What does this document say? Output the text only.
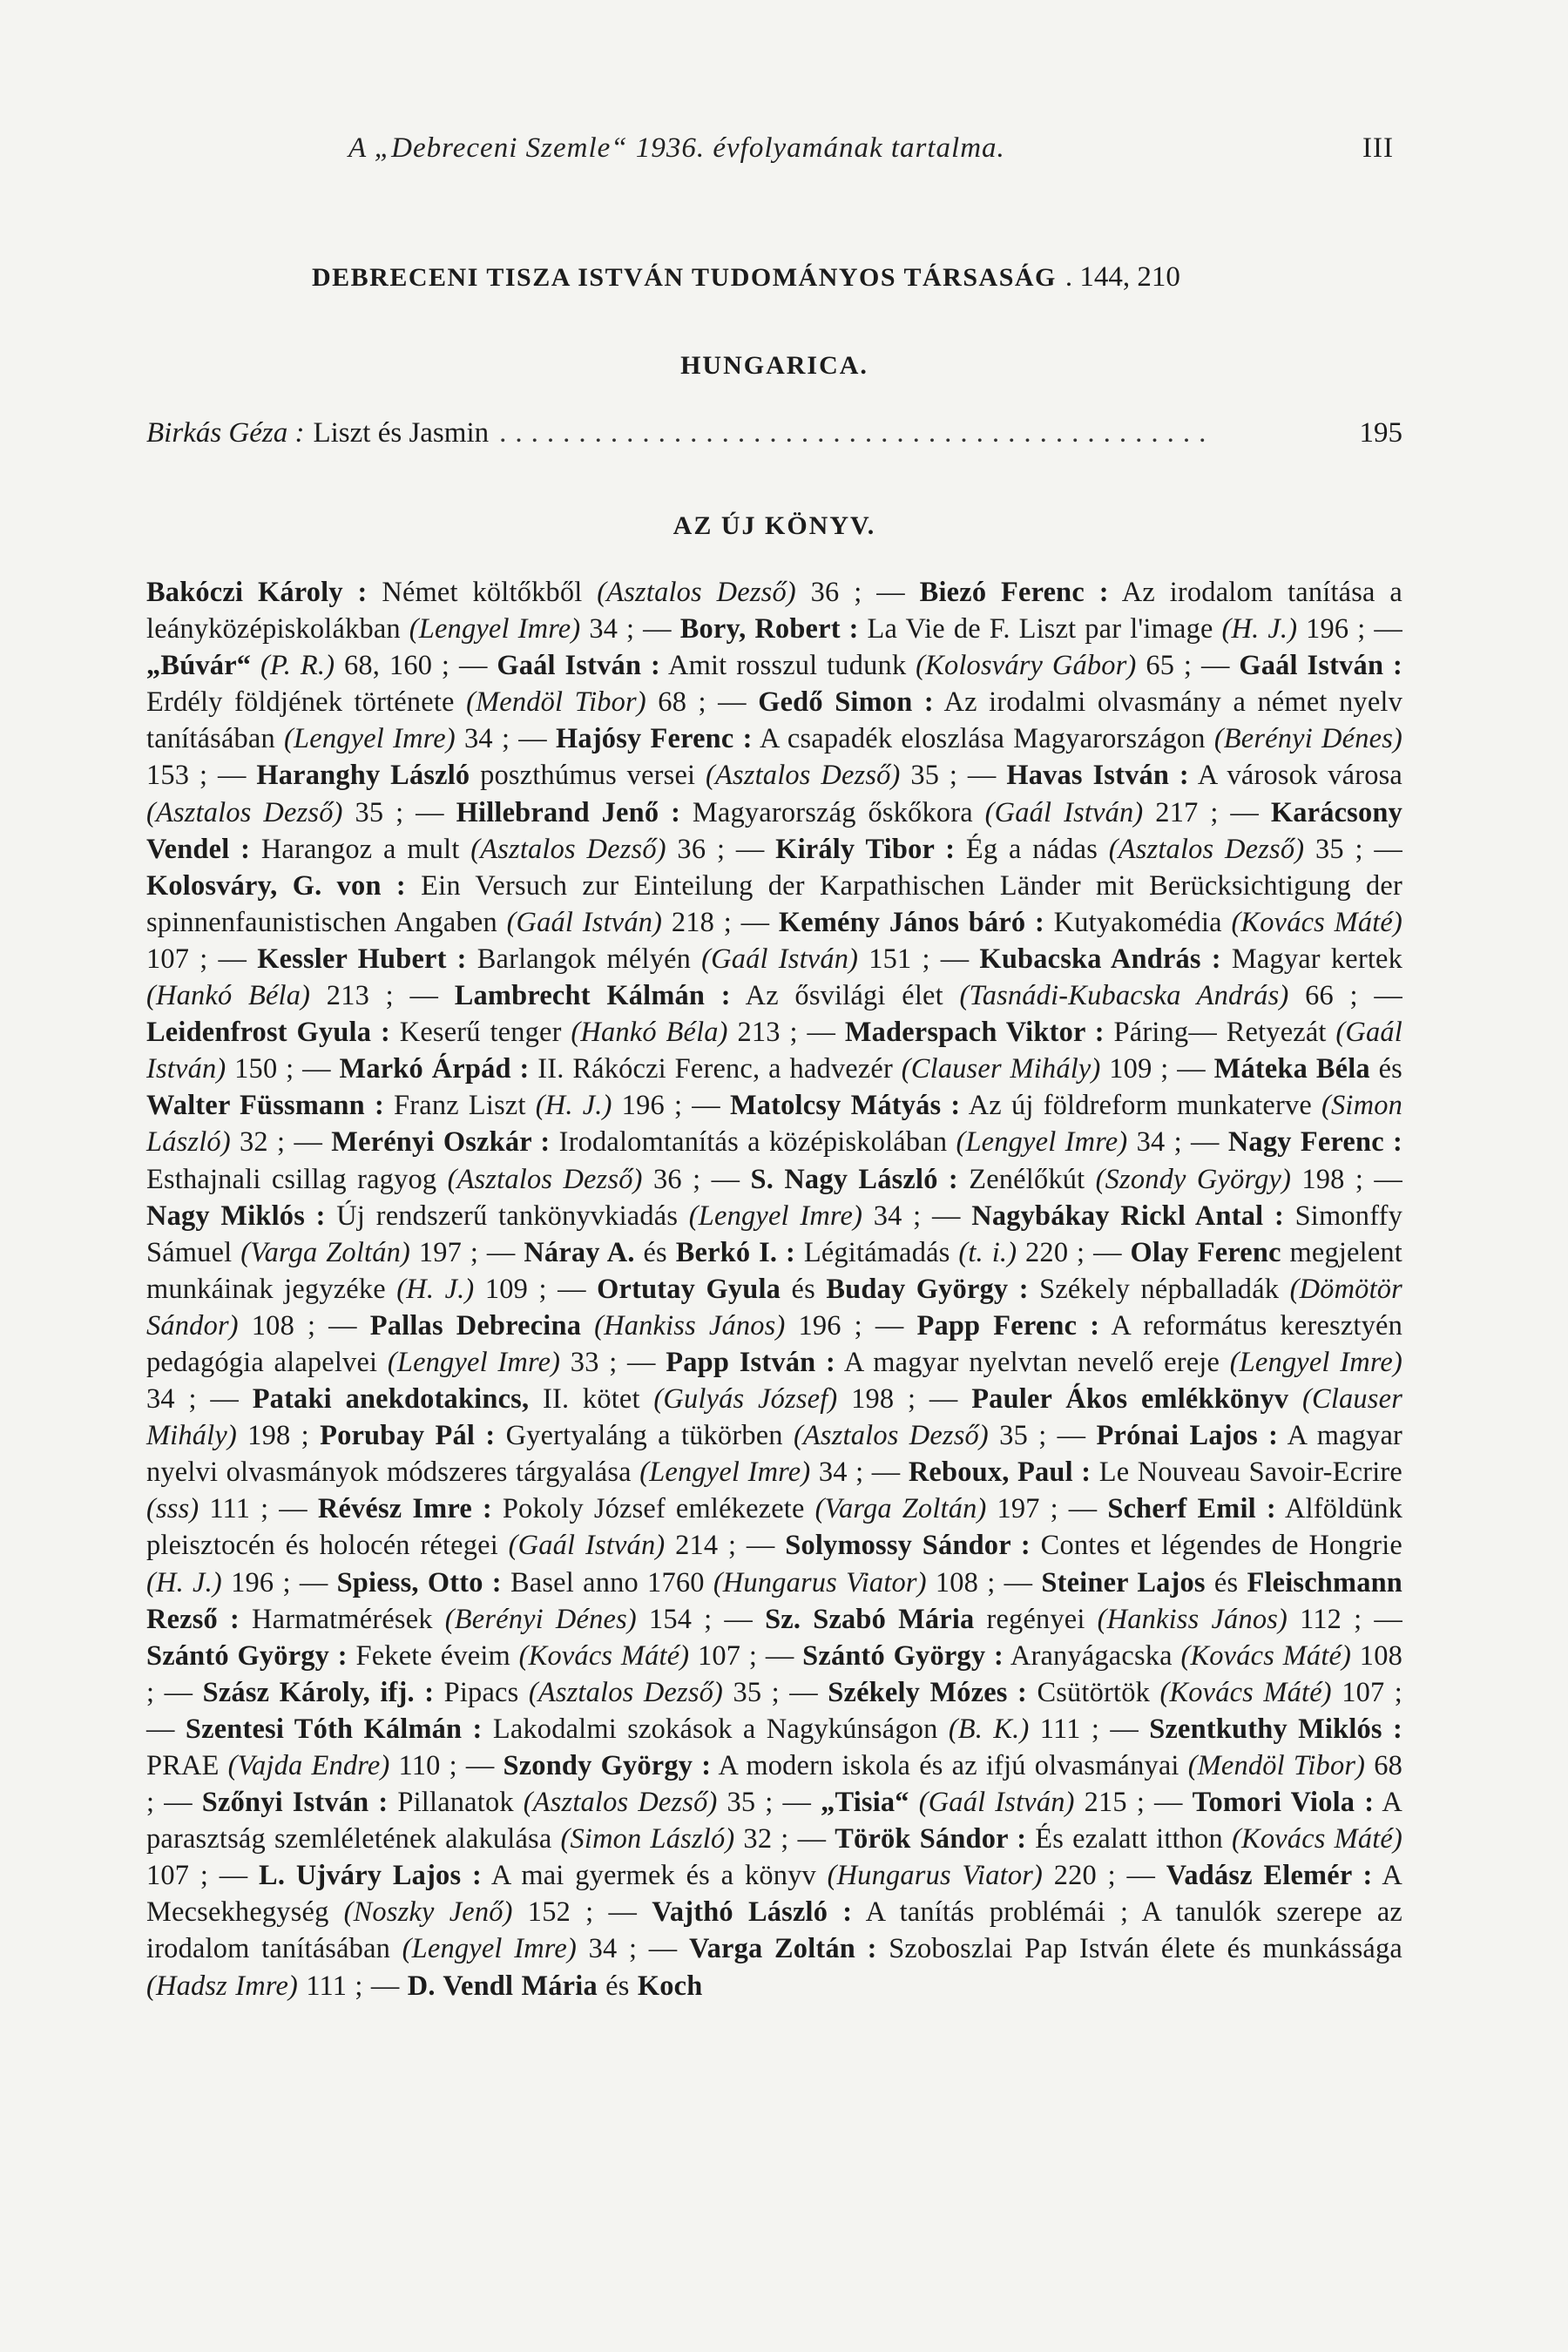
A „Debreceni Szemle“ 1936. évfolyamának tartalma.	III
DEBRECENI TISZA ISTVÁN TUDOMÁNYOS TÁRSASÁG . 144, 210
HUNGARICA.
Birkás Géza : Liszt és Jasmin .............................................	195
AZ ÚJ KÖNYV.
Bakóczi Károly : Német költőkből (Asztalos Dezső) 36 ; — Biezó Ferenc : Az irodalom tanítása a leányközépiskolákban (Lengyel Imre) 34 ; — Bory, Robert : La Vie de F. Liszt par l'image (H. J.) 196 ; — „Búvár“ (P. R.) 68, 160 ; — Gaál István : Amit rosszul tudunk (Kolosváry Gábor) 65 ; — Gaál István : Erdély földjének története (Mendöl Tibor) 68 ; — Gedő Simon : Az irodalmi olvasmány a német nyelv tanításában (Lengyel Imre) 34 ; — Hajósy Ferenc : A csapadék eloszlása Magyarországon (Berényi Dénes) 153 ; — Haranghy László poszthúmus versei (Asztalos Dezső) 35 ; — Havas István : A városok városa (Asztalos Dezső) 35 ; — Hillebrand Jenő : Magyarország őskőkora (Gaál István) 217 ; — Karácsony Vendel : Harangoz a mult (Asztalos Dezső) 36 ; — Király Tibor : Ég a nádas (Asztalos Dezső) 35 ; — Kolosváry, G. von : Ein Versuch zur Einteilung der Karpathischen Länder mit Berücksichtigung der spinnenfaunistischen Angaben (Gaál István) 218 ; — Kemény János báró : Kutyakomédia (Kovács Máté) 107 ; — Kessler Hubert : Barlangok mélyén (Gaál István) 151 ; — Kubacska András : Magyar kertek (Hankó Béla) 213 ; — Lambrecht Kálmán : Az ősvilági élet (Tasnádi-Kubacska András) 66 ; — Leidenfrost Gyula : Keserű tenger (Hankó Béla) 213 ; — Maderspach Viktor : Páring— Retyezát (Gaál István) 150 ; — Markó Árpád : II. Rákóczi Ferenc, a hadvezér (Clauser Mihály) 109 ; — Máteka Béla és Walter Füssmann : Franz Liszt (H. J.) 196 ; — Matolcsy Mátyás : Az új földreform munkaterve (Simon László) 32 ; — Merényi Oszkár : Irodalomtanítás a középiskolában (Lengyel Imre) 34 ; — Nagy Ferenc : Esthajnali csillag ragyog (Asztalos Dezső) 36 ; — S. Nagy László : Zenélőkút (Szondy György) 198 ; — Nagy Miklós : Új rendszerű tankönyvkiadás (Lengyel Imre) 34 ; — Nagybákay Rickl Antal : Simonffy Sámuel (Varga Zoltán) 197 ; — Náray A. és Berkó I. : Légitámadás (t. i.) 220 ; — Olay Ferenc megjelent munkáinak jegyzéke (H. J.) 109 ; — Ortutay Gyula és Buday György : Székely népballadák (Dömötör Sándor) 108 ; — Pallas Debrecina (Hankiss János) 196 ; — Papp Ferenc : A református keresztyén pedagógia alapelvei (Lengyel Imre) 33 ; — Papp István : A magyar nyelvtan nevelő ereje (Lengyel Imre) 34 ; — Pataki anekdotakincs, II. kötet (Gulyás József) 198 ; — Pauler Ákos emlékkönyv (Clauser Mihály) 198 ; Porubay Pál : Gyertyaláng a tükörben (Asztalos Dezső) 35 ; — Prónai Lajos : A magyar nyelvi olvasmányok módszeres tárgyalása (Lengyel Imre) 34 ; — Reboux, Paul : Le Nouveau Savoir-Ecrire (sss) 111 ; — Révész Imre : Pokoly József emlékezete (Varga Zoltán) 197 ; — Scherf Emil : Alföldünk pleisztocén és holocén rétegei (Gaál István) 214 ; — Solymossy Sándor : Contes et légendes de Hongrie (H. J.) 196 ; — Spiess, Otto : Basel anno 1760 (Hungarus Viator) 108 ; — Steiner Lajos és Fleischmann Rezső : Harmatmérések (Berényi Dénes) 154 ; — Sz. Szabó Mária regényei (Hankiss János) 112 ; — Szántó György : Fekete éveim (Kovács Máté) 107 ; — Szántó György : Aranyágacska (Kovács Máté) 108 ; — Szász Károly, ifj. : Pipacs (Asztalos Dezső) 35 ; — Székely Mózes : Csütörtök (Kovács Máté) 107 ; — Szentesi Tóth Kálmán : Lakodalmi szokások a Nagykúnságon (B. K.) 111 ; — Szentkuthy Miklós : PRAE (Vajda Endre) 110 ; — Szondy György : A modern iskola és az ifjú olvasmányai (Mendöl Tibor) 68 ; — Szőnyi István : Pillanatok (Asztalos Dezső) 35 ; — „Tisia“ (Gaál István) 215 ; — Tomori Viola : A parasztság szemléletének alakulása (Simon László) 32 ; — Török Sándor : És ezalatt itthon (Kovács Máté) 107 ; — L. Ujváry Lajos : A mai gyermek és a könyv (Hungarus Viator) 220 ; — Vadász Elemér : A Mecsekhegység (Noszky Jenő) 152 ; — Vajthó László : A tanítás problémái ; A tanulók szerepe az irodalom tanításában (Lengyel Imre) 34 ; — Varga Zoltán : Szoboszlai Pap István élete és munkássága (Hadsz Imre) 111 ; — D. Vendl Mária és Koch
